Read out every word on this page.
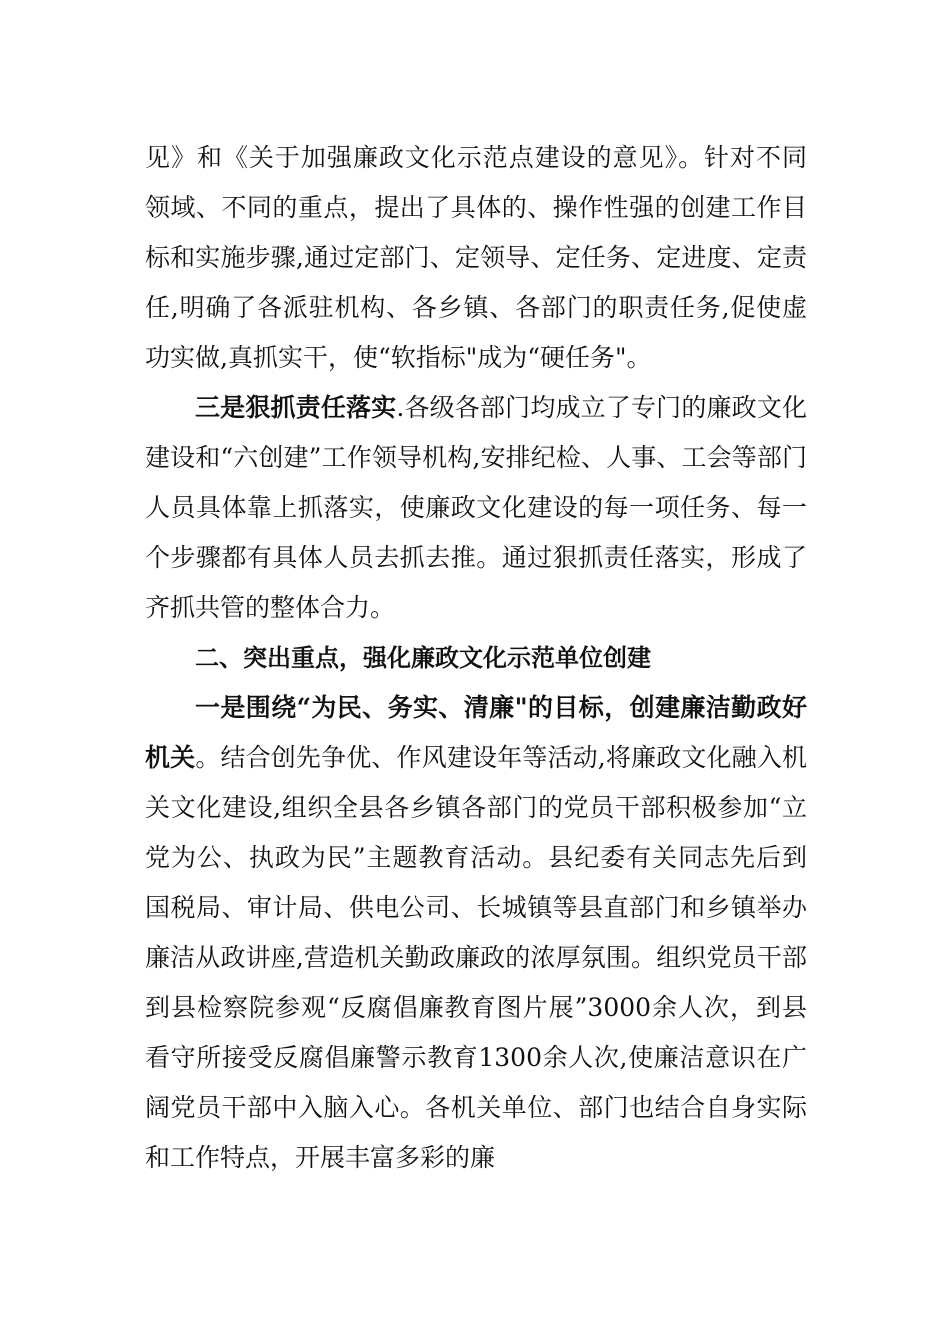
见》和《关于加强廉政文化示范点建设的意见》。针对不同领域、不同的重点，提出了具体的、操作性强的创建工作目标和实施步骤,通过定部门、定领导、定任务、定进度、定责任,明确了各派驻机构、各乡镇、各部门的职责任务,促使虚功实做,真抓实干，使“软指标"成为“硬任务"。

三是狠抓责任落实.各级各部门均成立了专门的廉政文化建设和“六创建”工作领导机构,安排纪检、人事、工会等部门人员具体靠上抓落实，使廉政文化建设的每一项任务、每一个步骤都有具体人员去抓去推。通过狠抓责任落实，形成了齐抓共管的整体合力。

二、突出重点，强化廉政文化示范单位创建

一是围绕“为民、务实、清廉"的目标，创建廉洁勤政好机关。结合创先争优、作风建设年等活动,将廉政文化融入机关文化建设,组织全县各乡镇各部门的党员干部积极参加“立党为公、执政为民”主题教育活动。县纪委有关同志先后到国税局、审计局、供电公司、长城镇等县直部门和乡镇举办廉洁从政讲座,营造机关勤政廉政的浓厚氛围。组织党员干部到县检察院参观“反腐倡廉教育图片展”3000余人次，到县看守所接受反腐倡廉警示教育1300余人次,使廉洁意识在广阔党员干部中入脑入心。各机关单位、部门也结合自身实际和工作特点，开展丰富多彩的廉
